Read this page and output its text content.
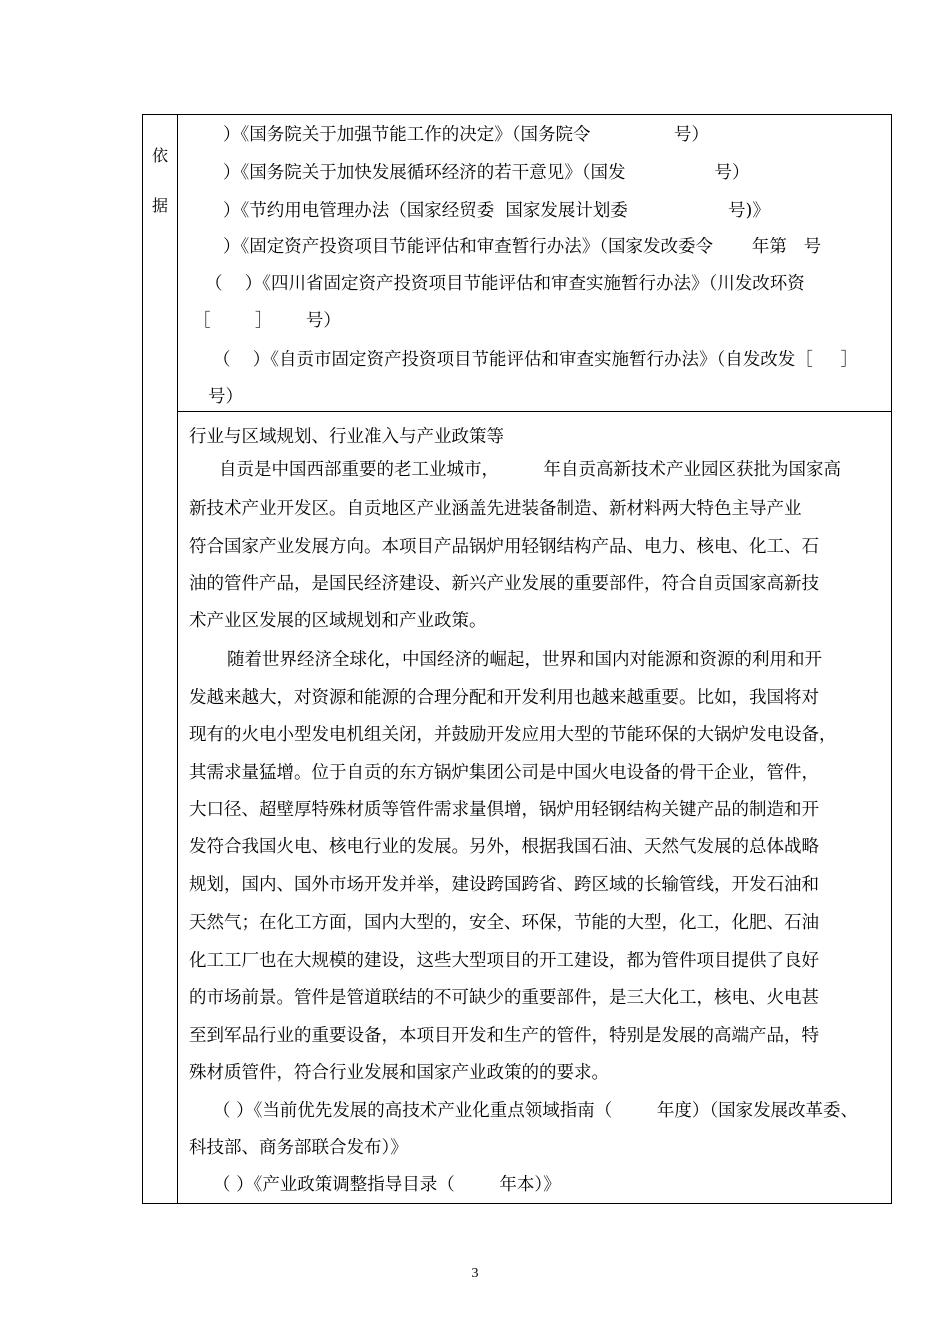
依
据
）《国务院关于加强节能工作的决定》（国务院令               号）
）《国务院关于加快发展循环经济的若干意见》（国发                号）
）《节约用电管理办法（国家经贸委  国家发展计划委                  号)》
）《固定资产投资项目节能评估和审查暂行办法》（国家发改委令       年第   号
（    ）《四川省固定资产投资项目节能评估和审查实施暂行办法》（川发改环资
［        ］      号）
（    ）《自贡市固定资产投资项目节能评估和审查实施暂行办法》（自发改发［     ］
号）
行业与区域规划、行业准入与产业政策等
自贡是中国西部重要的老工业城市，        年自贡高新技术产业园区获批为国家高
新技术产业开发区。自贡地区产业涵盖先进装备制造、新材料两大特色主导产业
符合国家产业发展方向。本项目产品锅炉用轻钢结构产品、电力、核电、化工、石
油的管件产品，是国民经济建设、新兴产业发展的重要部件，符合自贡国家高新技
术产业区发展的区域规划和产业政策。
随着世界经济全球化，中国经济的崛起，世界和国内对能源和资源的利用和开
发越来越大，对资源和能源的合理分配和开发利用也越来越重要。比如，我国将对
现有的火电小型发电机组关闭，并鼓励开发应用大型的节能环保的大锅炉发电设备，
其需求量猛增。位于自贡的东方锅炉集团公司是中国火电设备的骨干企业，管件，
大口径、超壁厚特殊材质等管件需求量倶增，锅炉用轻钢结构关键产品的制造和开
发符合我国火电、核电行业的发展。另外，根据我国石油、天然气发展的总体战略
规划，国内、国外市场开发并举，建设跨国跨省、跨区域的长输管线，开发石油和
天然气；在化工方面，国内大型的，安全、环保，节能的大型，化工，化肥、石油
化工工厂也在大规模的建设，这些大型项目的开工建设，都为管件项目提供了良好
的市场前景。管件是管道联结的不可缺少的重要部件，是三大化工，核电、火电甚
至到军品行业的重要设备，本项目开发和生产的管件，特别是发展的高端产品，特
殊材质管件，符合行业发展和国家产业政策的的要求。
（ ）《当前优先发展的高技术产业化重点领域指南（        年度）（国家发展改革委、
科技部、商务部联合发布）》
（ ）《产业政策调整指导目录（        年本）》
3
